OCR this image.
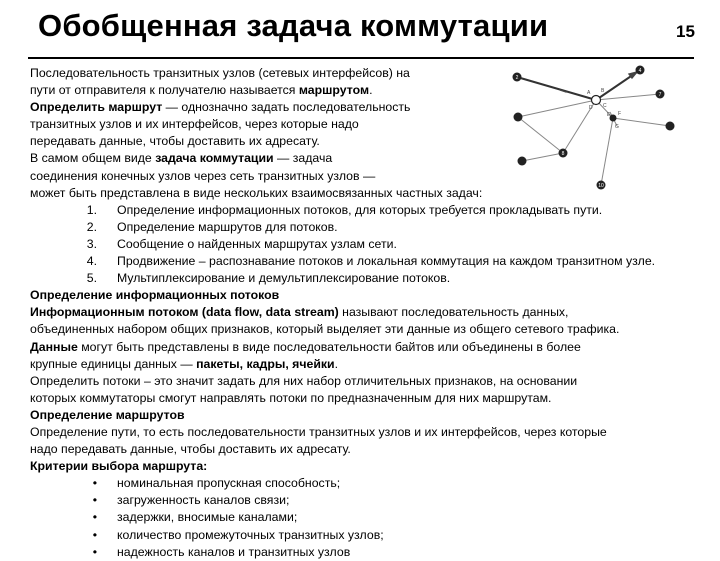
Обобщенная задача коммутации	15
2
4
7
8
10
A B
C
D
E F
G
Последовательность транзитных узлов (сетевых интерфейсов) на
пути от отправителя к получателю называется маршрутом.
Определить маршрут — однозначно задать последовательность
транзитных узлов и их интерфейсов, через которые надо
передавать данные, чтобы доставить их адресату.
В самом общем виде задача коммутации — задача
соединения конечных узлов через сеть транзитных узлов —
может быть представлена в виде нескольких взаимосвязанных частных задач:
1. Определение информационных потоков, для которых требуется прокладывать пути.
2. Определение маршрутов для потоков.
3. Сообщение о найденных маршрутах узлам сети.
4. Продвижение – распознавание потоков и локальная коммутация на каждом транзитном узле.
5. Мультиплексирование и демультиплексирование потоков.
Определение информационных потоков
Информационным потоком (data flow, data stream) называют последовательность данных,
объединенных набором общих признаков, который выделяет эти данные из общего сетевого трафика.
Данные могут быть представлены в виде последовательности байтов или объединены в более
крупные единицы данных — пакеты, кадры, ячейки.
Определить потоки – это значит задать для них набор отличительных признаков, на основании
которых коммутаторы смогут направлять потоки по предназначенным для них маршрутам.
Определение маршрутов
Определение пути, то есть последовательности транзитных узлов и их интерфейсов, через которые
надо передавать данные, чтобы доставить их адресату.
Критерии выбора маршрута:
• номинальная пропускная способность;
• загруженность каналов связи;
• задержки, вносимые каналами;
• количество промежуточных транзитных узлов;
• надежность каналов и транзитных узлов
